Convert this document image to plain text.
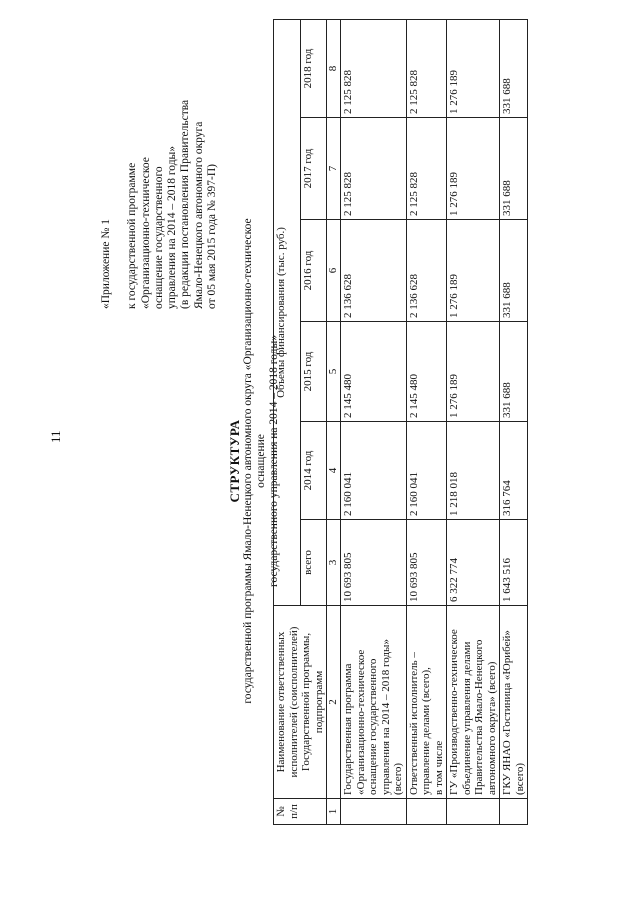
11
«Приложение № 1 к государственной программе «Организационно-техническое оснащение государственного управления на 2014 – 2018 годы» (в редакции постановления Правительства Ямало-Ненецкого автономного округа от 05 мая 2015 года № 397-П)
СТРУКТУРА государственной программы Ямало-Ненецкого автономного округа «Организационно-техническое оснащение государственного управления на 2014 – 2018 годы»
№ п/п	Наименование ответственных исполнителей (соисполнителей) Государственной программы, подпрограмм	Объемы финансирования (тыс. руб.)					
		всего	2014 год	2015 год	2016 год	2017 год	2018 год
1	2	3	4	5	6	7	8

	Государственная программа «Организационно-техническое оснащение государственного управления на 2014 – 2018 годы» (всего)	10 693 805	2 160 041	2 145 480	2 136 628	2 125 828	2 125 828

	Ответственный исполнитель – управление делами (всего), в том числе	10 693 805	2 160 041	2 145 480	2 136 628	2 125 828	2 125 828

	ГУ «Производственно-техническое объединение управления делами Правительства Ямало-Ненецкого автономного округа» (всего)	6 322 774	1 218 018	1 276 189	1 276 189	1 276 189	1 276 189

	ГКУ ЯНАО «Гостиница «Юрибей» (всего)	1 643 516	316 764	331 688	331 688	331 688	331 688
